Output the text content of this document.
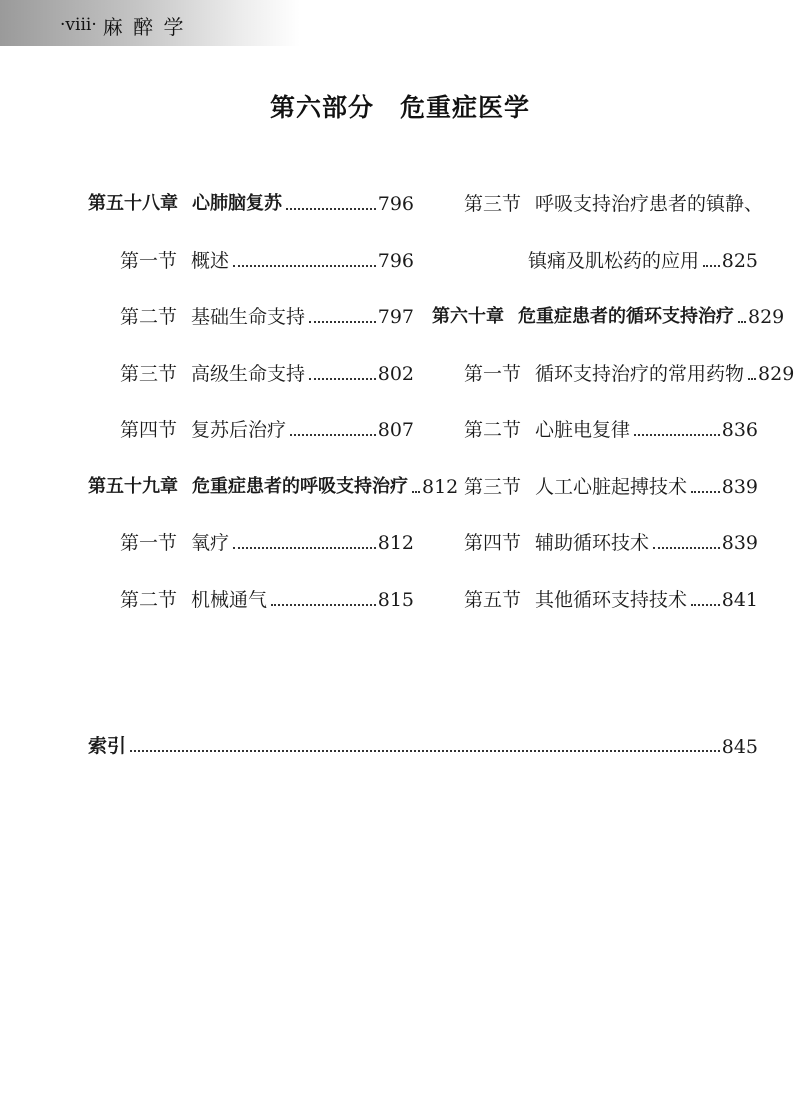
·viii· 麻 醉 学
第六部分　危重症医学
第五十八章 心肺脑复苏	796
第一节 概述	796
第二节 基础生命支持	797
第三节 高级生命支持	802
第四节 复苏后治疗	807
第五十九章 危重症患者的呼吸支持治疗 812
第一节 氧疗	812
第二节 机械通气	815
第三节 呼吸支持治疗患者的镇静、
镇痛及肌松药的应用 825
第六十章 危重症患者的循环支持治疗 829
第一节 循环支持治疗的常用药物 829
第二节 心脏电复律	836
第三节 人工心脏起搏技术 839
第四节 辅助循环技术	839
第五节 其他循环支持技术 841
索引	845
